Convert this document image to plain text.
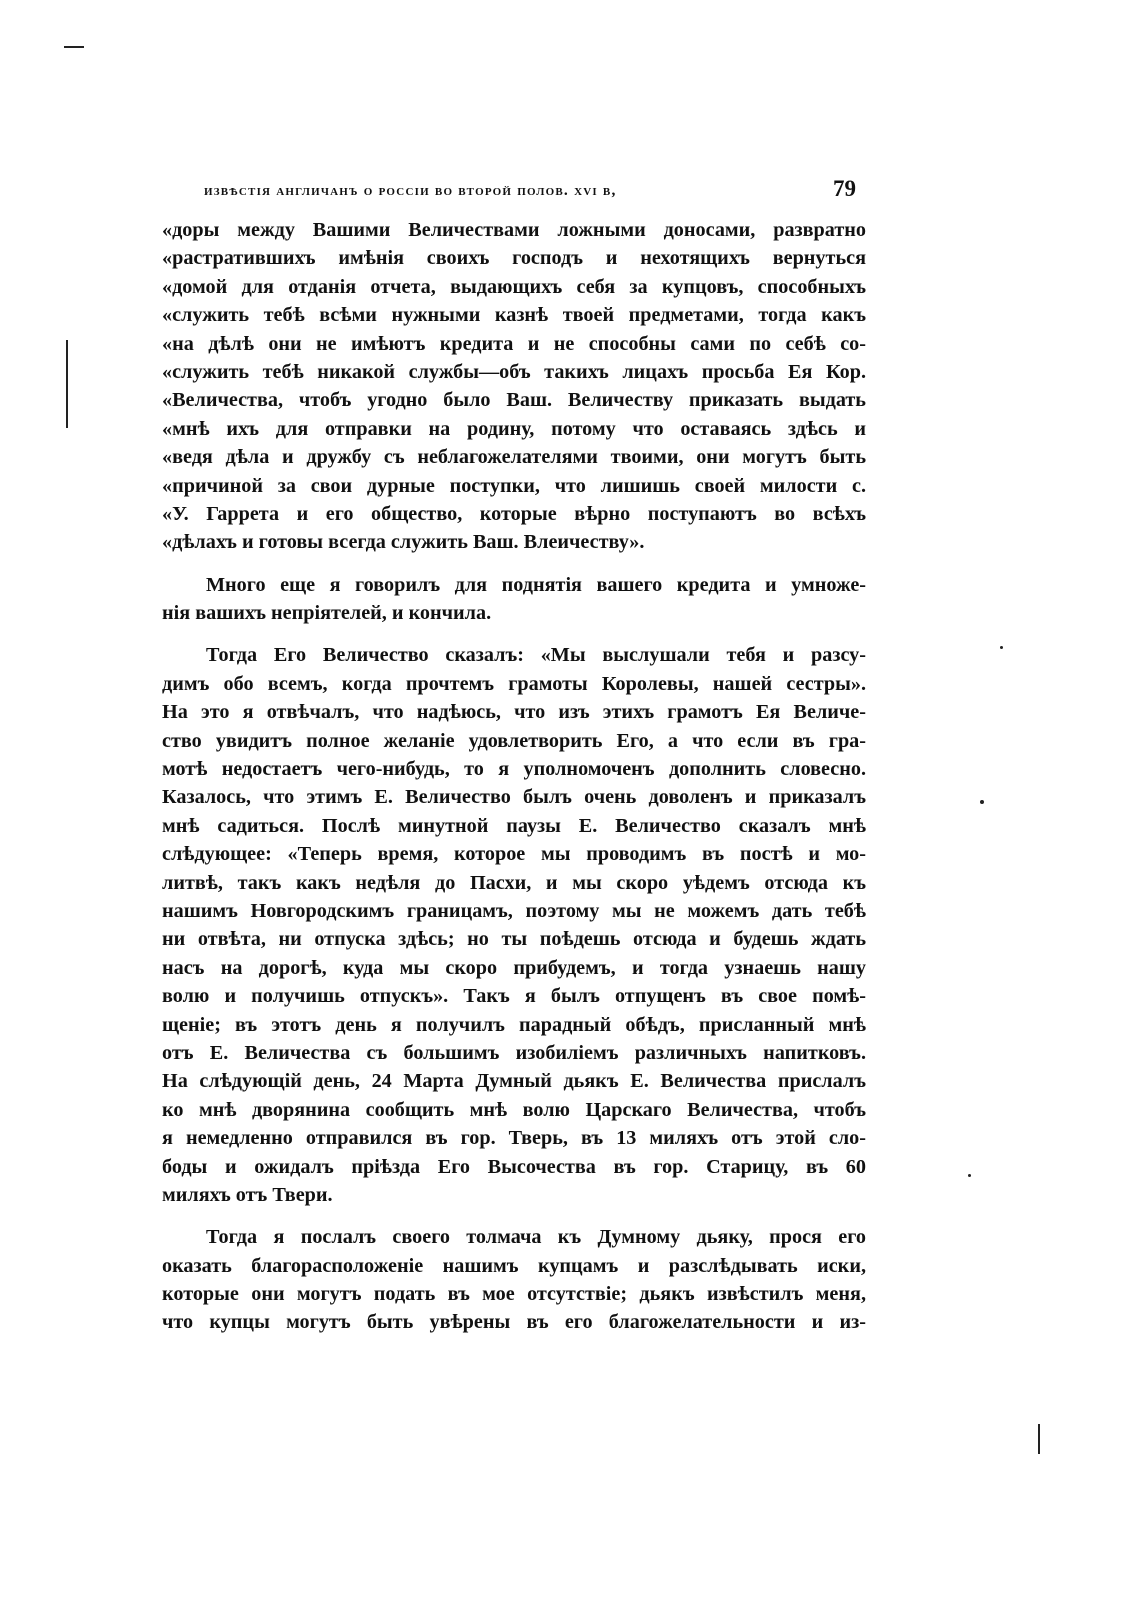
извѣстія англичанъ о россіи во второй полов. xvi в,	79
«доры между Вашими Величествами ложными доносами, развратно
«растратившихъ имѣнія своихъ господъ и нехотящихъ вернуться
«домой для отданія отчета, выдающихъ себя за купцовъ, способныхъ
«служить тебѣ всѣми нужными казнѣ твоей предметами, тогда какъ
«на дѣлѣ они не имѣютъ кредита и не способны сами по себѣ со-
«служить тебѣ никакой службы—объ такихъ лицахъ просьба Ея Кор.
«Величества, чтобъ угодно было Ваш. Величеству приказать выдать
«мнѣ ихъ для отправки на родину, потому что оставаясь здѣсь и
«ведя дѣла и дружбу съ неблагожелателями твоими, они могутъ быть
«причиной за свои дурные поступки, что лишишь своей милости с.
«У. Гаррета и его общество, которые вѣрно поступаютъ во всѣхъ
«дѣлахъ и готовы всегда служить Ваш. Влеичеству».
Много еще я говорилъ для поднятія вашего кредита и умноже-
нія вашихъ непріятелей, и кончила.
Тогда Его Величество сказалъ: «Мы выслушали тебя и разсу-
димъ обо всемъ, когда прочтемъ грамоты Королевы, нашей сестры».
На это я отвѣчалъ, что надѣюсь, что изъ этихъ грамотъ Ея Величе-
ство увидитъ полное желаніе удовлетворить Его, а что если въ гра-
мотѣ недостаетъ чего-нибудь, то я уполномоченъ дополнить словесно.
Казалось, что этимъ Е. Величество былъ очень доволенъ и приказалъ
мнѣ садиться. Послѣ минутной паузы Е. Величество сказалъ мнѣ
слѣдующее: «Теперь время, которое мы проводимъ въ постѣ и мо-
литвѣ, такъ какъ недѣля до Пасхи, и мы скоро уѣдемъ отсюда къ
нашимъ Новгородскимъ границамъ, поэтому мы не можемъ дать тебѣ
ни отвѣта, ни отпуска здѣсь; но ты поѣдешь отсюда и будешь ждать
насъ на дорогѣ, куда мы скоро прибудемъ, и тогда узнаешь нашу
волю и получишь отпускъ». Такъ я былъ отпущенъ въ свое помѣ-
щеніе; въ этотъ день я получилъ парадный обѣдъ, присланный мнѣ
отъ Е. Величества съ большимъ изобиліемъ различныхъ напитковъ.
На слѣдующій день, 24 Марта Думный дьякъ Е. Величества прислалъ
ко мнѣ дворянина сообщить мнѣ волю Царскаго Величества, чтобъ
я немедленно отправился въ гор. Тверь, въ 13 миляхъ отъ этой сло-
боды и ожидалъ пріѣзда Его Высочества въ гор. Старицу, въ 60
миляхъ отъ Твери.
Тогда я послалъ своего толмача къ Думному дьяку, прося его
оказать благорасположеніе нашимъ купцамъ и разслѣдывать иски,
которые они могутъ подать въ мое отсутствіе; дьякъ извѣстилъ меня,
что купцы могутъ быть увѣрены въ его благожелательности и из-
